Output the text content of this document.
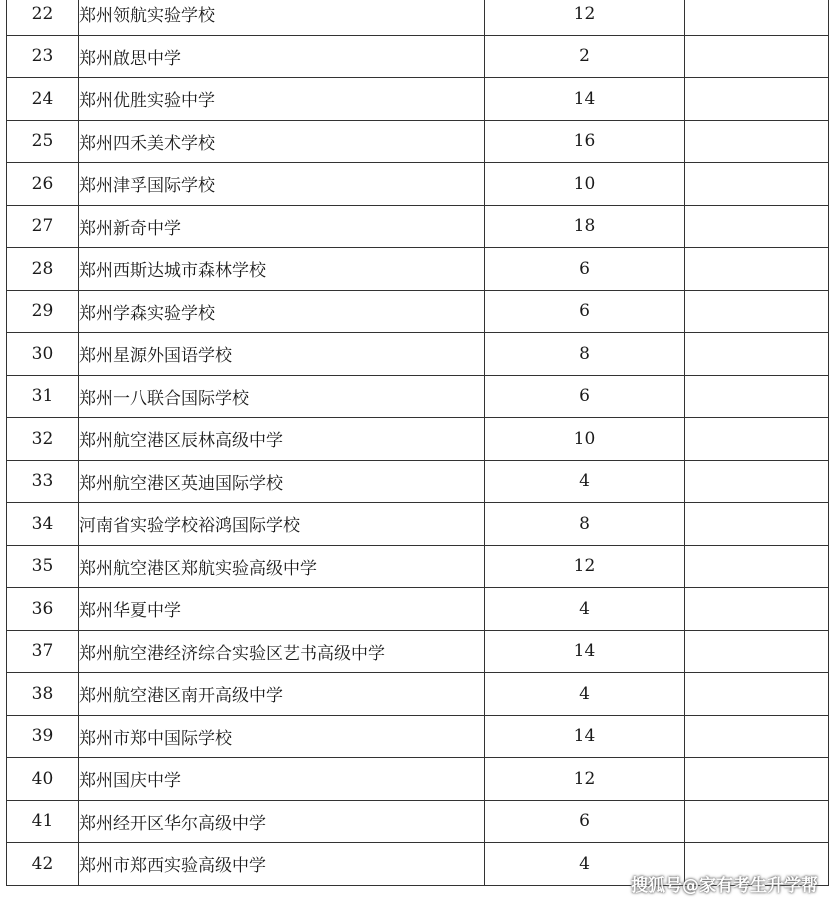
22	郑州领航实验学校	12	
23	郑州啟思中学	2	
24	郑州优胜实验中学	14	
25	郑州四禾美术学校	16	
26	郑州津孚国际学校	10	
27	郑州新奇中学	18	
28	郑州西斯达城市森林学校	6	
29	郑州学森实验学校	6	
30	郑州星源外国语学校	8	
31	郑州一八联合国际学校	6	
32	郑州航空港区辰林高级中学	10	
33	郑州航空港区英迪国际学校	4	
34	河南省实验学校裕鸿国际学校	8	
35	郑州航空港区郑航实验高级中学	12	
36	郑州华夏中学	4	
37	郑州航空港经济综合实验区艺书高级中学	14	
38	郑州航空港区南开高级中学	4	
39	郑州市郑中国际学校	14	
40	郑州国庆中学	12	
41	郑州经开区华尔高级中学	6	
42	郑州市郑西实验高级中学	4	
搜狐号@家有考生升学帮
